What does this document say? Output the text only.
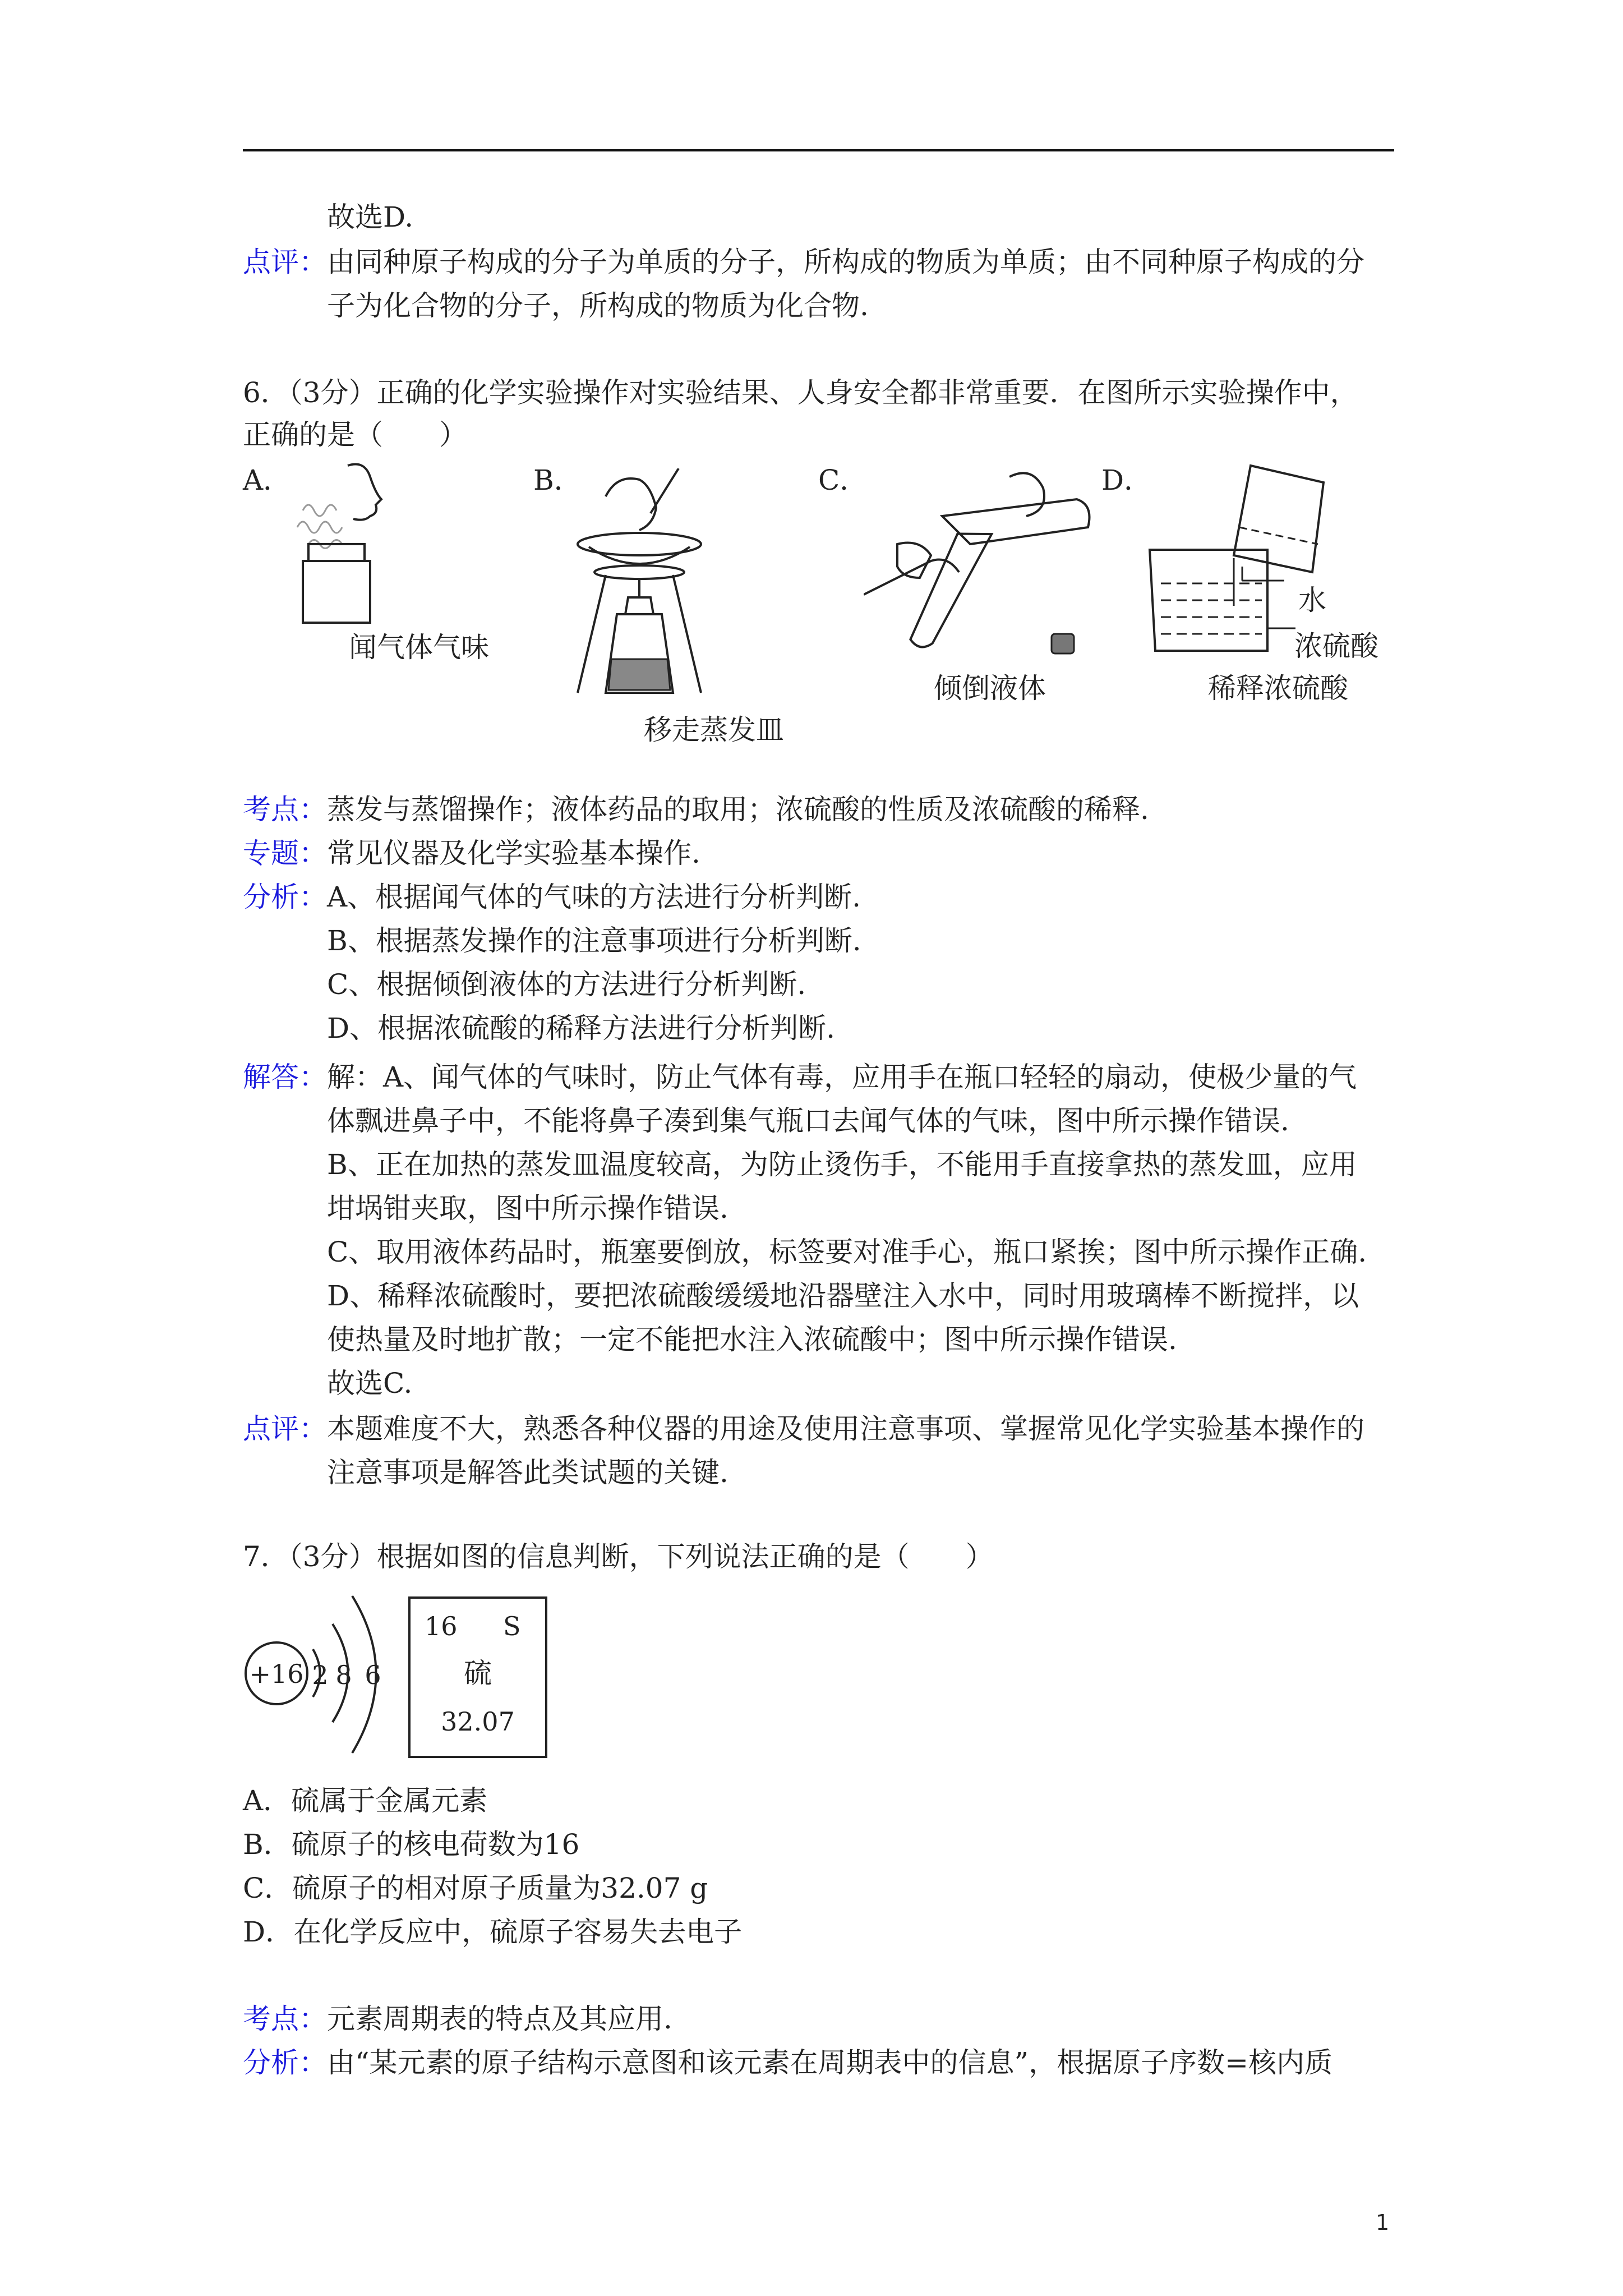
故选D.
点评：由同种原子构成的分子为单质的分子，所构成的物质为单质；由不同种原子构成的分
子为化合物的分子，所构成的物质为化合物.
6．（3分）正确的化学实验操作对实验结果、人身安全都非常重要．在图所示实验操作中，
正确的是（　　）
A．	B．	C．	D．
闻气体气味
移走蒸发皿
倾倒液体
水
浓硫酸
稀释浓硫酸
考点：蒸发与蒸馏操作；液体药品的取用；浓硫酸的性质及浓硫酸的稀释.
专题：常见仪器及化学实验基本操作.
分析：A、根据闻气体的气味的方法进行分析判断.
B、根据蒸发操作的注意事项进行分析判断.
C、根据倾倒液体的方法进行分析判断.
D、根据浓硫酸的稀释方法进行分析判断.
解答：解：A、闻气体的气味时，防止气体有毒，应用手在瓶口轻轻的扇动，使极少量的气
体飘进鼻子中，不能将鼻子凑到集气瓶口去闻气体的气味，图中所示操作错误.
B、正在加热的蒸发皿温度较高，为防止烫伤手，不能用手直接拿热的蒸发皿，应用
坩埚钳夹取，图中所示操作错误.
C、取用液体药品时，瓶塞要倒放，标签要对准手心，瓶口紧挨；图中所示操作正确.
D、稀释浓硫酸时，要把浓硫酸缓缓地沿器壁注入水中，同时用玻璃棒不断搅拌，以
使热量及时地扩散；一定不能把水注入浓硫酸中；图中所示操作错误.
故选C.
点评：本题难度不大，熟悉各种仪器的用途及使用注意事项、掌握常见化学实验基本操作的
注意事项是解答此类试题的关键.
7．（3分）根据如图的信息判断，下列说法正确的是（　　）
+16 2 8 6
16 S
硫
32.07
A．硫属于金属元素
B．硫原子的核电荷数为16
C．硫原子的相对原子质量为32.07 g
D．在化学反应中，硫原子容易失去电子
考点：元素周期表的特点及其应用.
分析：由“某元素的原子结构示意图和该元素在周期表中的信息”，根据原子序数=核内质
1
